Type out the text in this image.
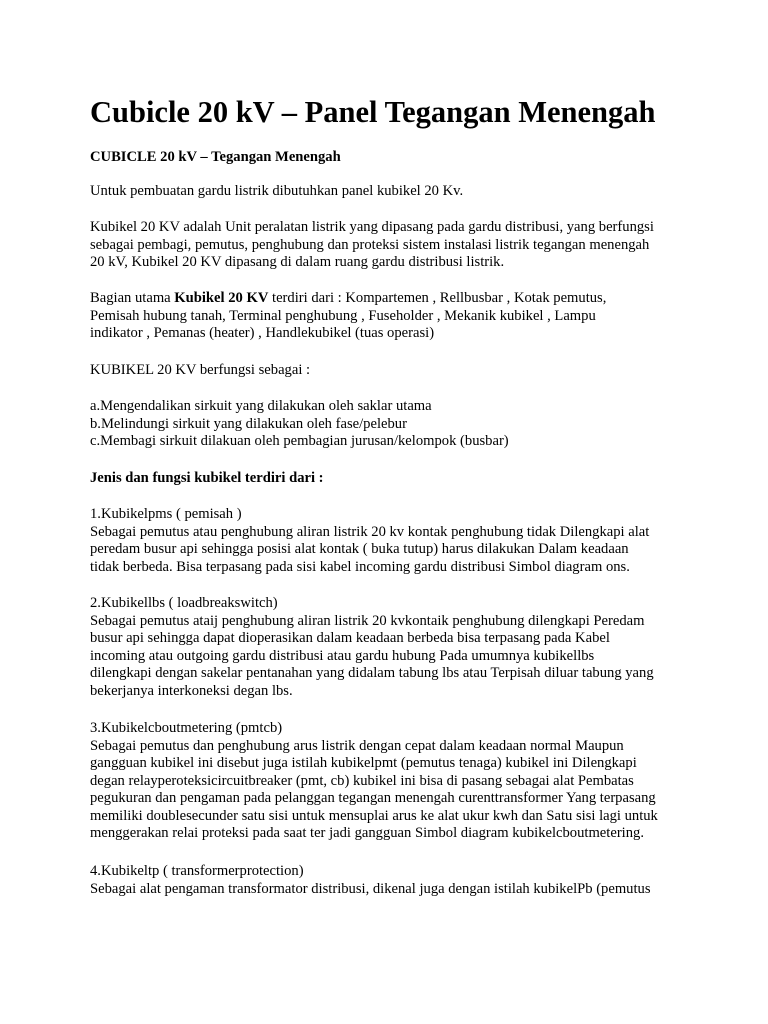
Cubicle 20 kV – Panel Tegangan Menengah

CUBICLE 20 kV – Tegangan Menengah

Untuk pembuatan gardu listrik dibutuhkan panel kubikel 20 Kv.

Kubikel 20 KV adalah Unit peralatan listrik yang dipasang pada gardu distribusi, yang berfungsi
sebagai pembagi, pemutus, penghubung dan proteksi sistem instalasi listrik tegangan menengah
20 kV, Kubikel 20 KV dipasang di dalam ruang gardu distribusi listrik.

Bagian utama Kubikel 20 KV terdiri dari : Kompartemen , Rellbusbar , Kotak pemutus,
Pemisah hubung tanah, Terminal penghubung , Fuseholder , Mekanik kubikel , Lampu
indikator , Pemanas (heater) , Handlekubikel (tuas operasi)

KUBIKEL 20 KV berfungsi sebagai :

a.Mengendalikan sirkuit yang dilakukan oleh saklar utama
b.Melindungi sirkuit yang dilakukan oleh fase/pelebur
c.Membagi sirkuit dilakuan oleh pembagian jurusan/kelompok (busbar)

Jenis dan fungsi kubikel terdiri dari :

1.Kubikelpms ( pemisah )
Sebagai pemutus atau penghubung aliran listrik 20 kv kontak penghubung tidak Dilengkapi alat
peredam busur api sehingga posisi alat kontak ( buka tutup) harus dilakukan Dalam keadaan
tidak berbeda. Bisa terpasang pada sisi kabel incoming gardu distribusi Simbol diagram ons.
2.Kubikellbs ( loadbreakswitch)
Sebagai pemutus ataij penghubung aliran listrik 20 kvkontaik penghubung dilengkapi Peredam
busur api sehingga dapat dioperasikan dalam keadaan berbeda bisa terpasang pada Kabel
incoming atau outgoing gardu distribusi atau gardu hubung Pada umumnya kubikellbs
dilengkapi dengan sakelar pentanahan yang didalam tabung lbs atau Terpisah diluar tabung yang
bekerjanya interkoneksi degan lbs.
3.Kubikelcboutmetering (pmtcb)
Sebagai pemutus dan penghubung arus listrik dengan cepat dalam keadaan normal Maupun
gangguan kubikel ini disebut juga istilah kubikelpmt (pemutus tenaga) kubikel ini Dilengkapi
degan relayperoteksicircuitbreaker (pmt, cb) kubikel ini bisa di pasang sebagai alat Pembatas
pegukuran dan pengaman pada pelanggan tegangan menengah curenttransformer Yang terpasang
memiliki doublesecunder satu sisi untuk mensuplai arus ke alat ukur kwh dan Satu sisi lagi untuk
menggerakan relai proteksi pada saat ter jadi gangguan Simbol diagram kubikelcboutmetering.
4.Kubikeltp ( transformerprotection)
Sebagai alat pengaman transformator distribusi, dikenal juga dengan istilah kubikelPb (pemutus
